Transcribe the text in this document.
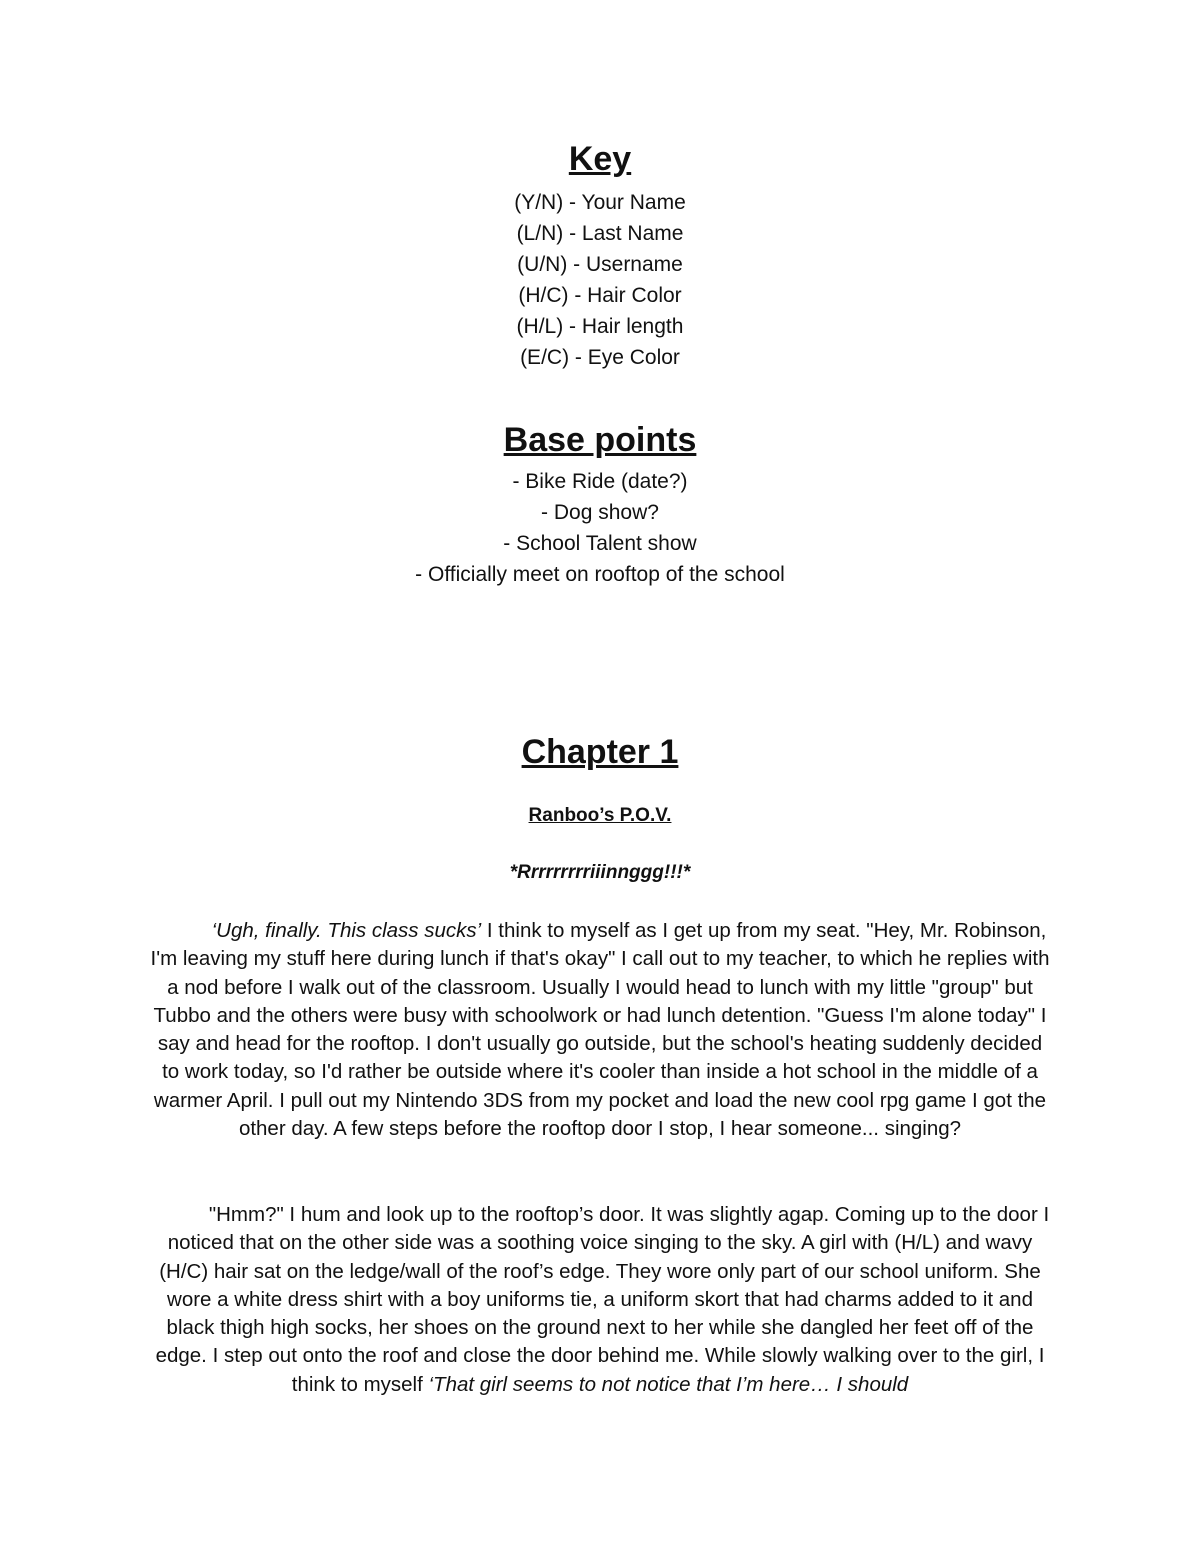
Key
(Y/N) - Your Name
(L/N) - Last Name
(U/N) - Username
(H/C) - Hair Color
(H/L) - Hair length
(E/C) - Eye Color
Base points
- Bike Ride (date?)
- Dog show?
- School Talent show
- Officially meet on rooftop of the school
Chapter 1

Ranboo’s P.O.V.

*Rrrrrrrrriiinnggg!!!*

‘Ugh, finally. This class sucks’ I think to myself as I get up from my seat. "Hey, Mr. Robinson, I'm leaving my stuff here during lunch if that's okay" I call out to my teacher, to which he replies with a nod before I walk out of the classroom. Usually I would head to lunch with my little "group" but Tubbo and the others were busy with schoolwork or had lunch detention. "Guess I'm alone today" I say and head for the rooftop. I don't usually go outside, but the school's heating suddenly decided to work today, so I'd rather be outside where it's cooler than inside a hot school in the middle of a warmer April. I pull out my Nintendo 3DS from my pocket and load the new cool rpg game I got the other day. A few steps before the rooftop door I stop, I hear someone... singing?

"Hmm?" I hum and look up to the rooftop’s door. It was slightly agap. Coming up to the door I noticed that on the other side was a soothing voice singing to the sky. A girl with (H/L) and wavy (H/C) hair sat on the ledge/wall of the roof’s edge. They wore only part of our school uniform. She wore a white dress shirt with a boy uniforms tie, a uniform skort that had charms added to it and black thigh high socks, her shoes on the ground next to her while she dangled her feet off of the edge. I step out onto the roof and close the door behind me. While slowly walking over to the girl, I think to myself ‘That girl seems to not notice that I’m here… I should
